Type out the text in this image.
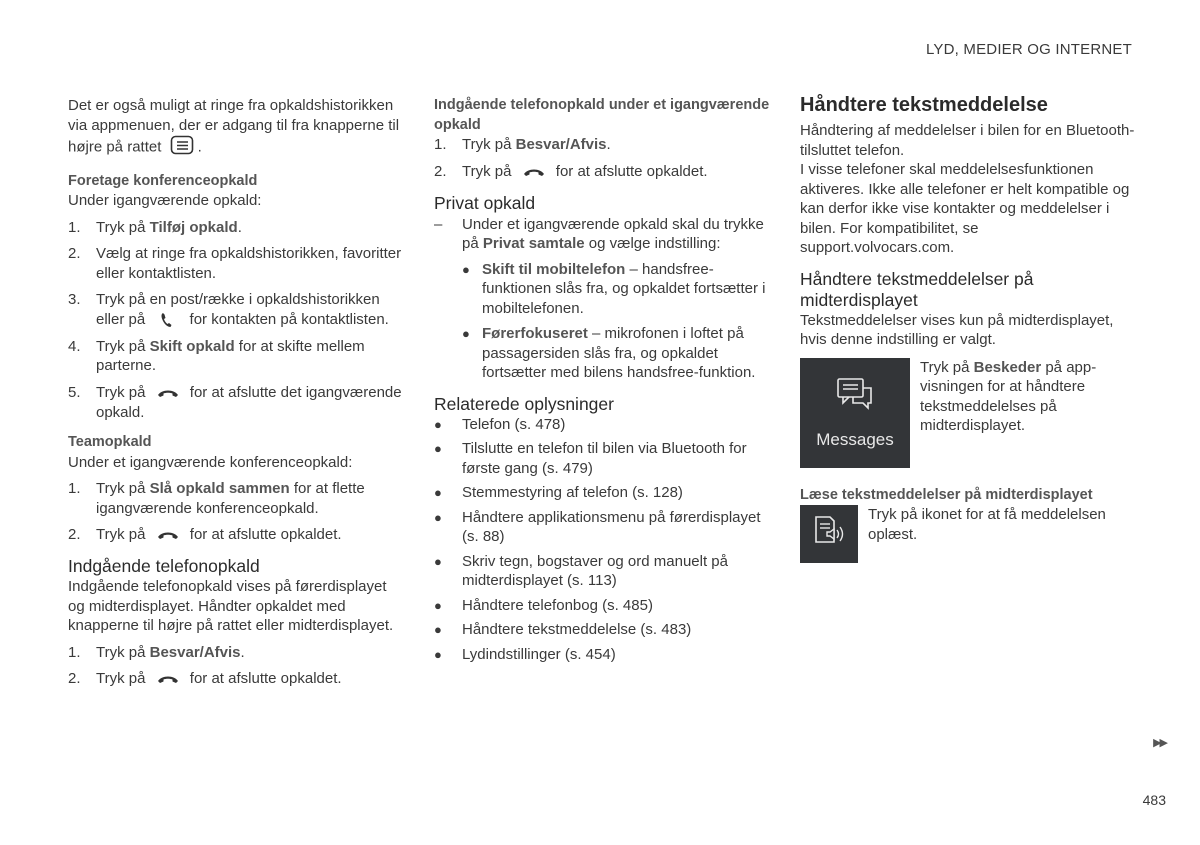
LYD, MEDIER OG INTERNET

Det er også muligt at ringe fra opkaldshistorikken via appmenuen, der er adgang til fra knapperne til højre på rattet .

Foretage konferenceopkald

Under igangværende opkald:

1.	Tryk på Tilføj opkald.
2.	Vælg at ringe fra opkaldshistorikken, favoritter eller kontaktlisten.
3.	Tryk på en post/række i opkaldshistorikken eller på	for kontakten på kontaktlisten.
4.	Tryk på Skift opkald for at skifte mellem parterne.
5.	Tryk på	for at afslutte det igangværende opkald.

Teamopkald

Under et igangværende konferenceopkald:

1.	Tryk på Slå opkald sammen for at flette igangværende konferenceopkald.
2.	Tryk på	for at afslutte opkaldet.

Indgående telefonopkald

Indgående telefonopkald vises på førerdisplayet og midterdisplayet. Håndter opkaldet med knapperne til højre på rattet eller midterdisplayet.

1.	Tryk på Besvar/Afvis.
2.	Tryk på	for at afslutte opkaldet.

Indgående telefonopkald under et igangværende opkald

1.	Tryk på Besvar/Afvis.
2.	Tryk på	for at afslutte opkaldet.

Privat opkald

–	Under et igangværende opkald skal du trykke på Privat samtale og vælge indstilling:
● Skift til mobiltelefon – handsfree-funktionen slås fra, og opkaldet fortsætter i mobiltelefonen.
● Førerfokuseret – mikrofonen i loftet på passagersiden slås fra, og opkaldet fortsætter med bilens handsfree-funktion.

Relaterede oplysninger

●	Telefon (s. 478)
●	Tilslutte en telefon til bilen via Bluetooth for første gang (s. 479)
●	Stemmestyring af telefon (s. 128)
●	Håndtere applikationsmenu på førerdisplayet (s. 88)
●	Skriv tegn, bogstaver og ord manuelt på midterdisplayet (s. 113)
●	Håndtere telefonbog (s. 485)
●	Håndtere tekstmeddelelse (s. 483)
●	Lydindstillinger (s. 454)

Håndtere tekstmeddelelse

Håndtering af meddelelser i bilen for en Bluetooth-tilsluttet telefon.

I visse telefoner skal meddelelsesfunktionen aktiveres. Ikke alle telefoner er helt kompatible og kan derfor ikke vise kontakter og meddelelser i bilen. For kompatibilitet, se support.volvocars.com.

Håndtere tekstmeddelelser på midterdisplayet

Tekstmeddelelser vises kun på midterdisplayet, hvis denne indstilling er valgt.

Messages

Tryk på Beskeder på app-visningen for at håndtere tekstmeddelelses på midterdisplayet.

Læse tekstmeddelelser på midterdisplayet

Tryk på ikonet for at få meddelelsen oplæst.

▶▶
483
